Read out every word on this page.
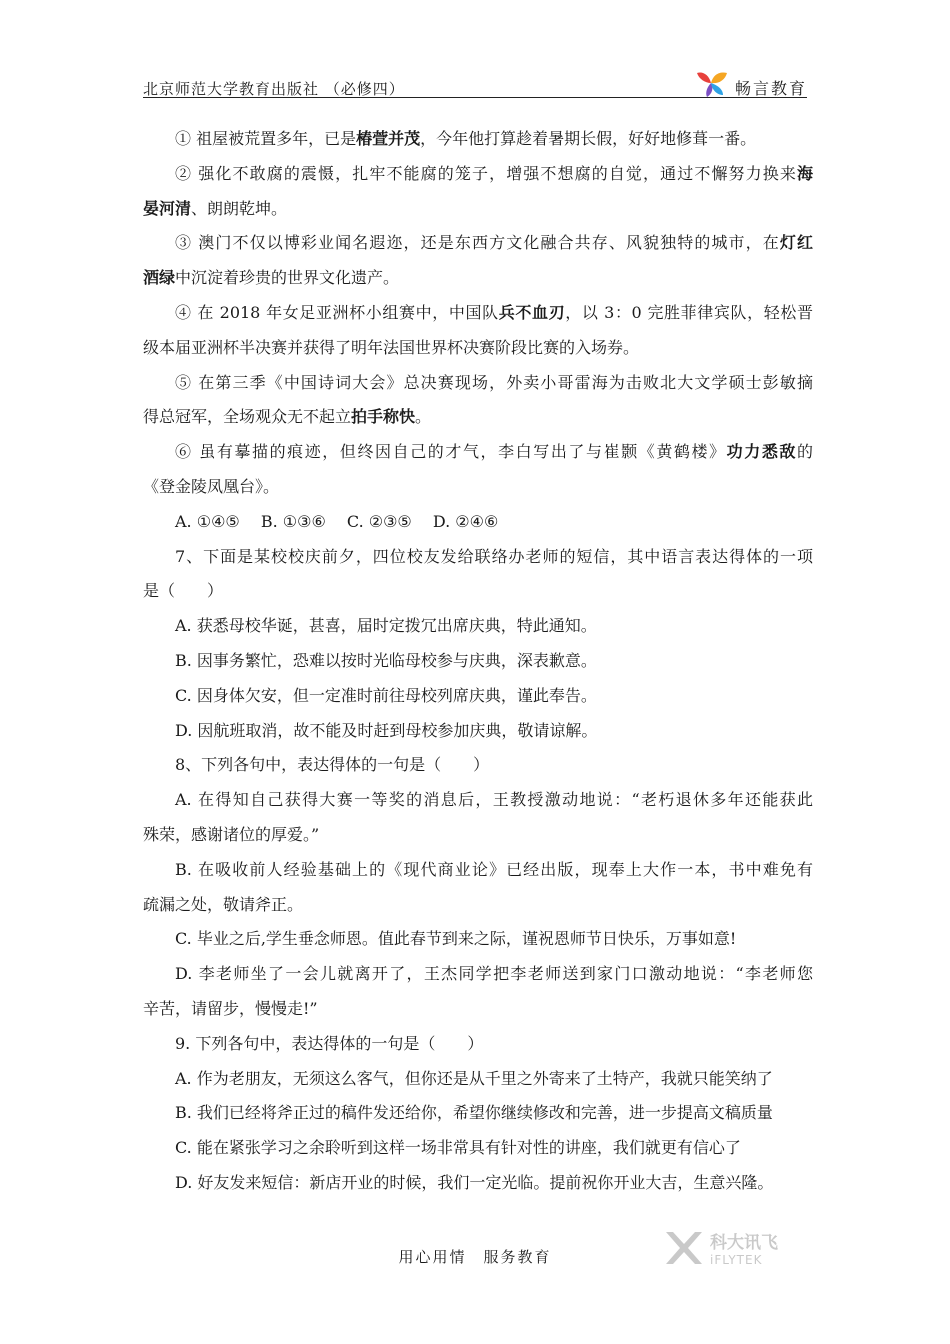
北京师范大学教育出版社 （必修四）	畅言教育
① 祖屋被荒置多年，已是椿萱并茂，今年他打算趁着暑期长假，好好地修葺一番。
② 强化不敢腐的震慑，扎牢不能腐的笼子，增强不想腐的自觉，通过不懈努力换来海
晏河清、朗朗乾坤。
③ 澳门不仅以博彩业闻名遐迩，还是东西方文化融合共存、风貌独特的城市，在灯红
酒绿中沉淀着珍贵的世界文化遗产。
④ 在 2018 年女足亚洲杯小组赛中，中国队兵不血刃，以 3：0 完胜菲律宾队，轻松晋
级本届亚洲杯半决赛并获得了明年法国世界杯决赛阶段比赛的入场券。
⑤ 在第三季《中国诗词大会》总决赛现场，外卖小哥雷海为击败北大文学硕士彭敏摘
得总冠军，全场观众无不起立拍手称快。
⑥ 虽有摹描的痕迹，但终因自己的才气，李白写出了与崔颢《黄鹤楼》功力悉敌的
《登金陵凤凰台》。
A. ①④⑤　 B. ①③⑥　 C. ②③⑤　 D. ②④⑥
7、下面是某校校庆前夕，四位校友发给联络办老师的短信，其中语言表达得体的一项
是（　　）
A. 获悉母校华诞，甚喜，届时定拨冗出席庆典，特此通知。
B. 因事务繁忙，恐难以按时光临母校参与庆典，深表歉意。
C. 因身体欠安，但一定准时前往母校列席庆典，谨此奉告。
D. 因航班取消，故不能及时赶到母校参加庆典，敬请谅解。
8、下列各句中，表达得体的一句是（　　）
A. 在得知自己获得大赛一等奖的消息后，王教授激动地说：“老朽退休多年还能获此
殊荣，感谢诸位的厚爱。”
B. 在吸收前人经验基础上的《现代商业论》已经出版，现奉上大作一本，书中难免有
疏漏之处，敬请斧正。
C. 毕业之后,学生垂念师恩。值此春节到来之际，谨祝恩师节日快乐，万事如意!
D. 李老师坐了一会儿就离开了，王杰同学把李老师送到家门口激动地说：“李老师您
辛苦，请留步，慢慢走!”
9. 下列各句中，表达得体的一句是（　　）
A. 作为老朋友，无须这么客气，但你还是从千里之外寄来了土特产，我就只能笑纳了
B. 我们已经将斧正过的稿件发还给你，希望你继续修改和完善，进一步提高文稿质量
C. 能在紧张学习之余聆听到这样一场非常具有针对性的讲座，我们就更有信心了
D. 好友发来短信：新店开业的时候，我们一定光临。提前祝你开业大吉，生意兴隆。
科大讯飞
iFLYTEK
用心用情　服务教育
